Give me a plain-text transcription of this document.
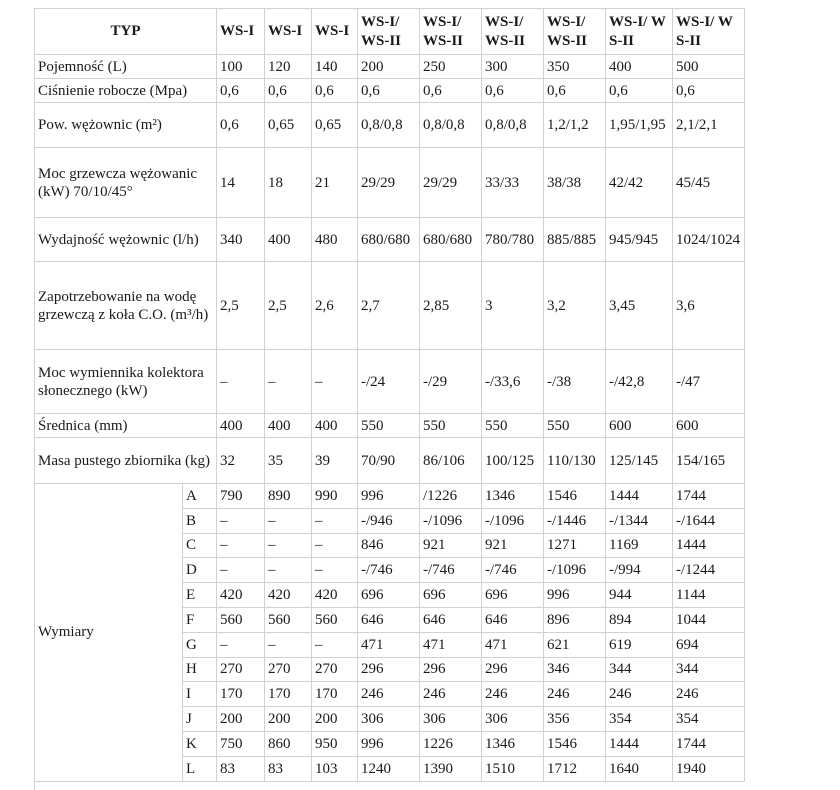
TYP		WS-I	WS-I	WS-I	WS-I/ WS-II	WS-I/ WS-II	WS-I/ WS-II	WS-I/ WS-II	WS-I/ WS-II	WS-I/ WS-II
Pojemność (L)		100	120	140	200	250	300	350	400	500
Ciśnienie robocze (Mpa)		0,6	0,6	0,6	0,6	0,6	0,6	0,6	0,6	0,6
Pow. wężownic (m²)		0,6	0,65	0,65	0,8/0,8	0,8/0,8	0,8/0,8	1,2/1,2	1,95/1,95	2,1/2,1
Moc grzewcza wężowanic (kW) 70/10/45°		14	18	21	29/29	29/29	33/33	38/38	42/42	45/45
Wydajność wężownic (l/h)		340	400	480	680/680	680/680	780/780	885/885	945/945	1024/1024
Zapotrzebowanie na wodę grzewczą z koła C.O. (m³/h)		2,5	2,5	2,6	2,7	2,85	3	3,2	3,45	3,6
Moc wymiennika kolektora słonecznego (kW)		–	–	–	-/24	-/29	-/33,6	-/38	-/42,8	-/47
Średnica (mm)		400	400	400	550	550	550	550	600	600
Masa pustego zbiornika (kg)		32	35	39	70/90	86/106	100/125	110/130	125/145	154/165
Wymiary	A	790	890	990	996	/1226	1346	1546	1444	1744
	B	–	–	–	-/946	-/1096	-/1096	-/1446	-/1344	-/1644
	C	–	–	–	846	921	921	1271	1169	1444
	D	–	–	–	-/746	-/746	-/746	-/1096	-/994	-/1244
	E	420	420	420	696	696	696	996	944	1144
	F	560	560	560	646	646	646	896	894	1044
	G	–	–	–	471	471	471	621	619	694
	H	270	270	270	296	296	296	346	344	344
	I	170	170	170	246	246	246	246	246	246
	J	200	200	200	306	306	306	356	354	354
	K	750	860	950	996	1226	1346	1546	1444	1744
	L	83	83	103	1240	1390	1510	1712	1640	1940
